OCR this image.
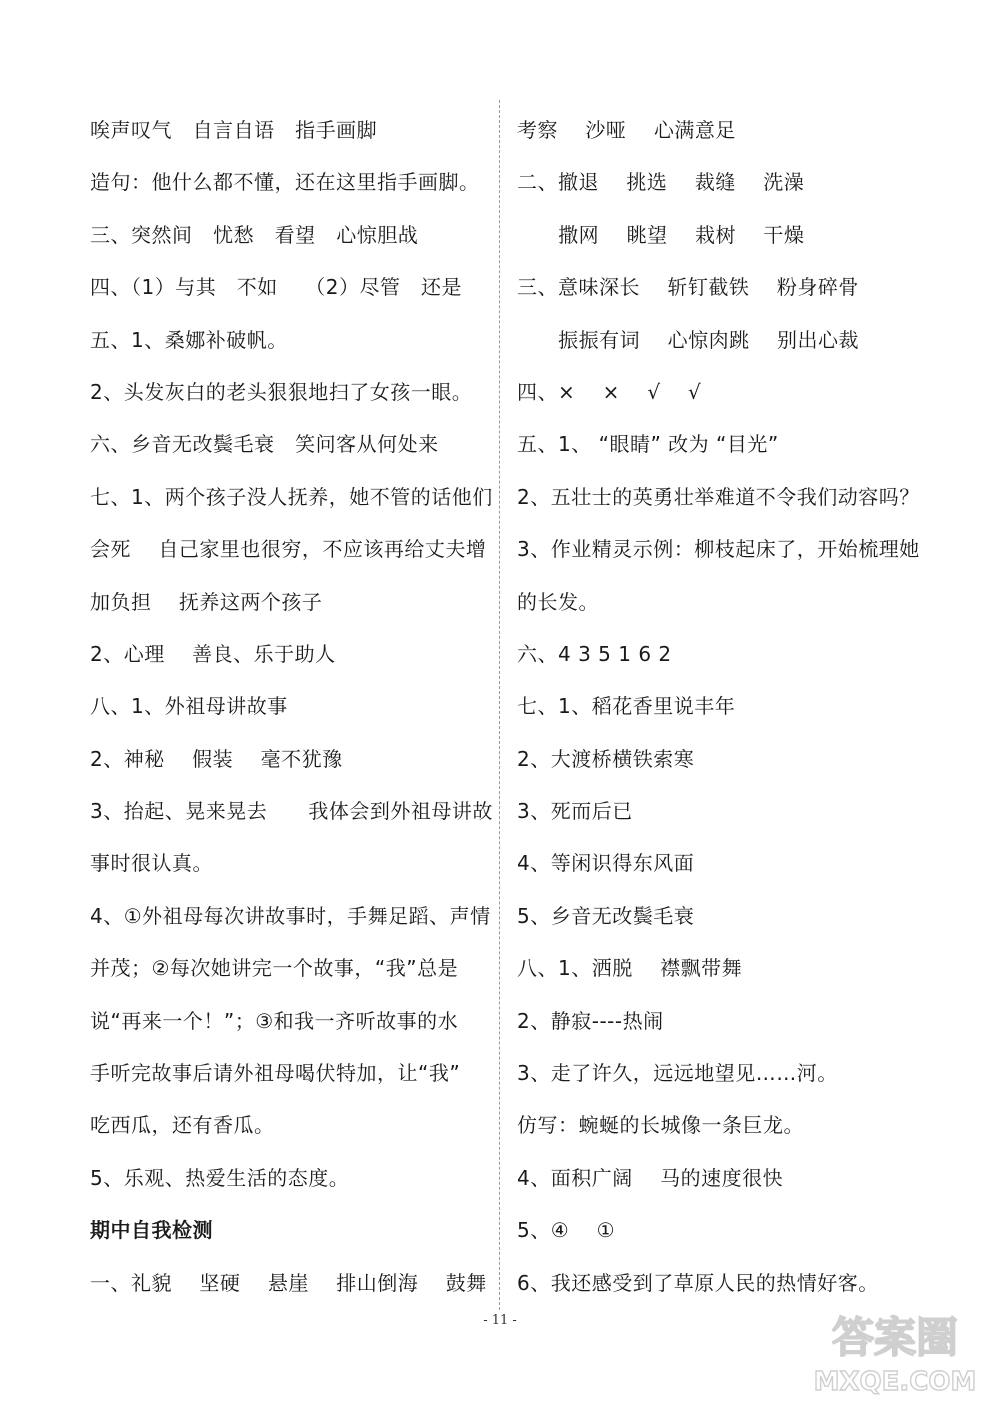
唉声叹气   自言自语   指手画脚
造句：他什么都不懂，还在这里指手画脚。
三、突然间   忧愁   看望   心惊胆战
四、（1）与其   不如    （2）尽管   还是
五、1、桑娜补破帆。
2、头发灰白的老头狠狠地扫了女孩一眼。
六、乡音无改鬓毛衰   笑问客从何处来
七、1、两个孩子没人抚养，她不管的话他们
会死    自己家里也很穷，不应该再给丈夫增
加负担    抚养这两个孩子
2、心理    善良、乐于助人
八、1、外祖母讲故事
2、神秘    假装    毫不犹豫
3、抬起、晃来晃去      我体会到外祖母讲故
事时很认真。
4、①外祖母每次讲故事时，手舞足蹈、声情
并茂；②每次她讲完一个故事，“我”总是
说“再来一个！”；③和我一齐听故事的水
手听完故事后请外祖母喝伏特加，让“我”
吃西瓜，还有香瓜。
5、乐观、热爱生活的态度。
期中自我检测
一、礼貌    坚硬    悬崖    排山倒海    鼓舞
考察    沙哑    心满意足
二、撤退    挑选    裁缝    洗澡
撒网    眺望    栽树    干燥
三、意味深长    斩钉截铁    粉身碎骨
振振有词    心惊肉跳    别出心裁
四、×    ×    √    √
五、1、 “眼睛” 改为 “目光”
2、五壮士的英勇壮举难道不令我们动容吗？
3、作业精灵示例：柳枝起床了，开始梳理她
的长发。
六、4 3 5 1 6 2
七、1、稻花香里说丰年
2、大渡桥横铁索寒
3、死而后已
4、等闲识得东风面
5、乡音无改鬓毛衰
八、1、洒脱    襟飘带舞
2、静寂----热闹
3、走了许久，远远地望见……河。
仿写：蜿蜒的长城像一条巨龙。
4、面积广阔    马的速度很快
5、④    ①
6、我还感受到了草原人民的热情好客。
- 11 -	答案圈
MXQE.COM
